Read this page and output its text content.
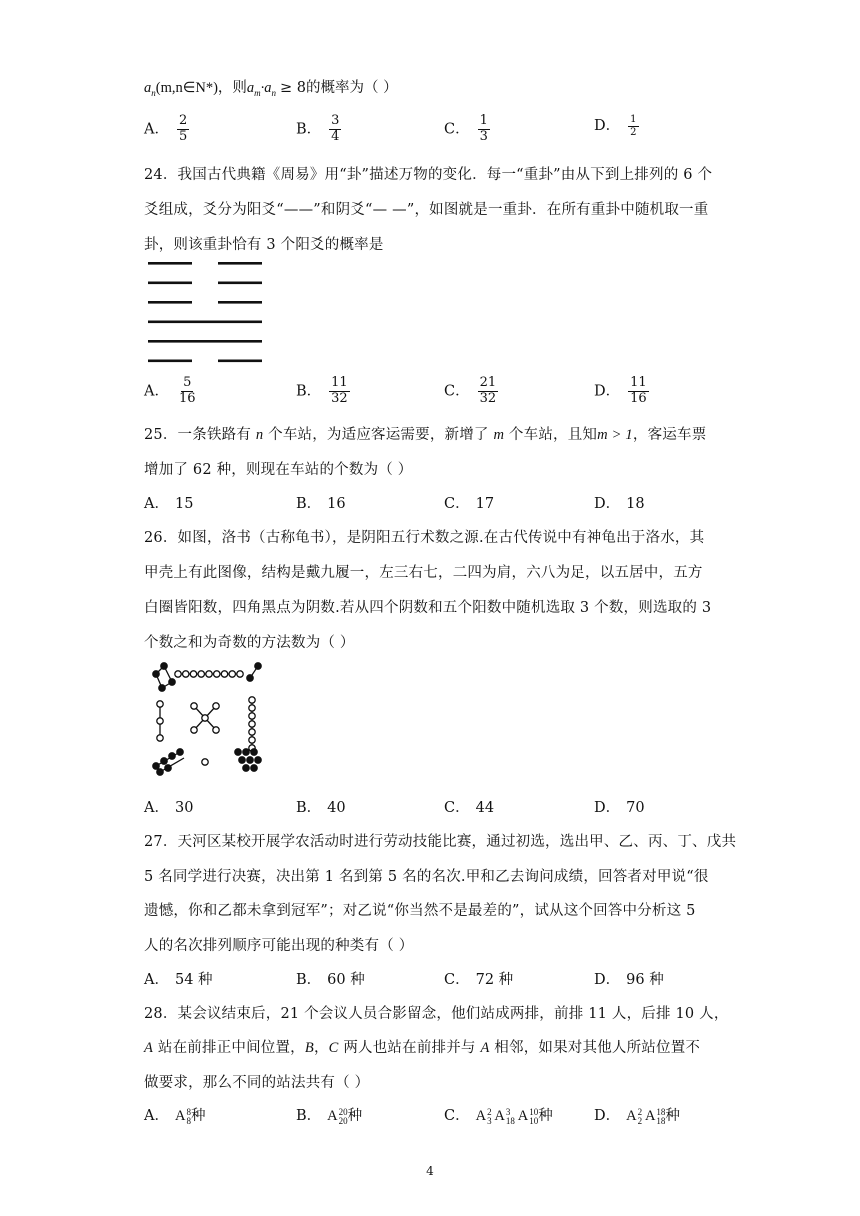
$a_n(m,n\in N*)$，则$a_m\cdot a_n \ge 8$的概率为（ ）
A． $\frac{2}{5}$	B． $\frac{3}{4}$	C． $\frac{1}{3}$	D． $\frac{1}{2}$
24．我国古代典籍《周易》用“卦”描述万物的变化．每一“重卦”由从下到上排列的 6 个
爻组成，爻分为阳爻“——”和阴爻“— —”，如图就是一重卦．在所有重卦中随机取一重
卦，则该重卦恰有 3 个阳爻的概率是
A． $\frac{5}{16}$	B． $\frac{11}{32}$	C． $\frac{21}{32}$	D． $\frac{11}{16}$
25．一条铁路有 n 个车站，为适应客运需要，新增了 m 个车站，且知m > 1，客运车票
增加了 62 种，则现在车站的个数为（ ）
A． 15	B． 16	C． 17	D． 18
26．如图，洛书（古称龟书），是阴阳五行术数之源.在古代传说中有神龟出于洛水，其
甲壳上有此图像，结构是戴九履一，左三右七，二四为肩，六八为足，以五居中，五方
白圈皆阳数，四角黑点为阴数.若从四个阴数和五个阳数中随机选取 3 个数，则选取的 3
个数之和为奇数的方法数为（ ）
A． 30	B． 40	C． 44	D． 70
27．天河区某校开展学农活动时进行劳动技能比赛，通过初选，选出甲、乙、丙、丁、戊共
5 名同学进行决赛，决出第 1 名到第 5 名的名次.甲和乙去询问成绩，回答者对甲说“很
遗憾，你和乙都未拿到冠军”；对乙说“你当然不是最差的”，试从这个回答中分析这 5
人的名次排列顺序可能出现的种类有（ ）
A． 54 种	B． 60 种	C． 72 种	D． 96 种
28．某会议结束后，21 个会议人员合影留念，他们站成两排，前排 11 人，后排 10 人，
A 站在前排正中间位置，B，C 两人也站在前排并与 A 相邻，如果对其他人所站位置不
做要求，那么不同的站法共有（ ）
A． A 8
8 种	B． A 20
20 种	C． A 2
3 A 3
18 A 10
10 种	D． A 2
2 A 18
18 种
4
